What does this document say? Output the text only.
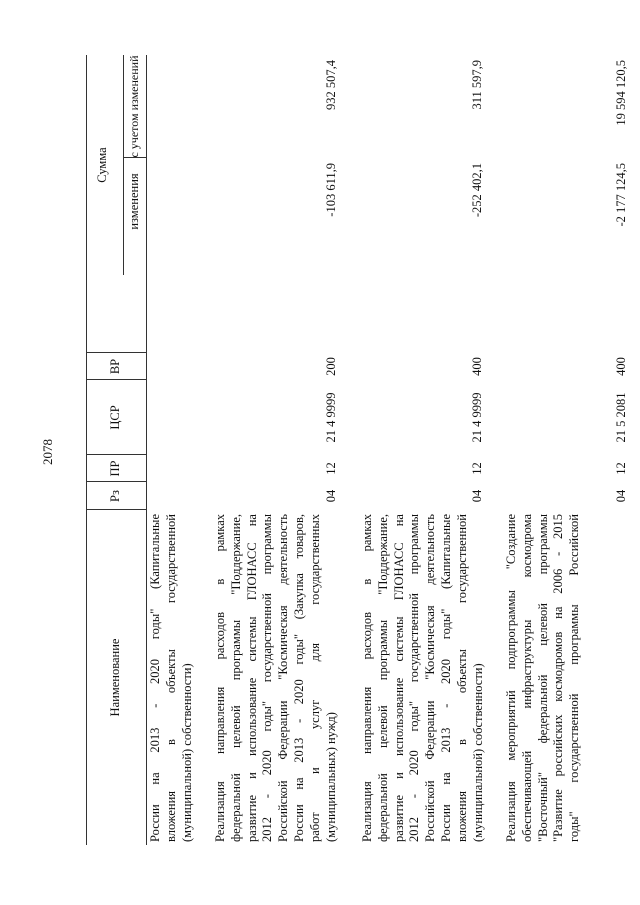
2078
Наименование
Рз
ПР
ЦСР
ВР
Сумма
изменения
с учетом изменений
России на 2013 - 2020 годы" (Капитальные вложения в объекты государственной (муниципальной) собственности) Реализация направления расходов в рамках федеральной целевой программы "Поддержание, развитие и использование системы ГЛОНАСС на 2012 - 2020 годы" государственной программы Российской Федерации "Космическая деятельность России на 2013 - 2020 годы" (Закупка товаров, работ и услуг для государственных (муниципальных) нужд)
04
12
21 4 9999
200
-103 611,9
932 507,4
Реализация направления расходов в рамках федеральной целевой программы "Поддержание, развитие и использование системы ГЛОНАСС на 2012 - 2020 годы" государственной программы Российской Федерации "Космическая деятельность России на 2013 - 2020 годы" (Капитальные вложения в объекты государственной (муниципальной) собственности)
04
12
21 4 9999
400
-252 402,1
311 597,9
Реализация мероприятий подпрограммы "Создание обеспечивающей инфраструктуры космодрома "Восточный" федеральной целевой программы "Развитие российских космодромов на 2006 - 2015 годы" государственной программы Российской
04
12
21 5 2081
400
-2 177 124,5
19 594 120,5
